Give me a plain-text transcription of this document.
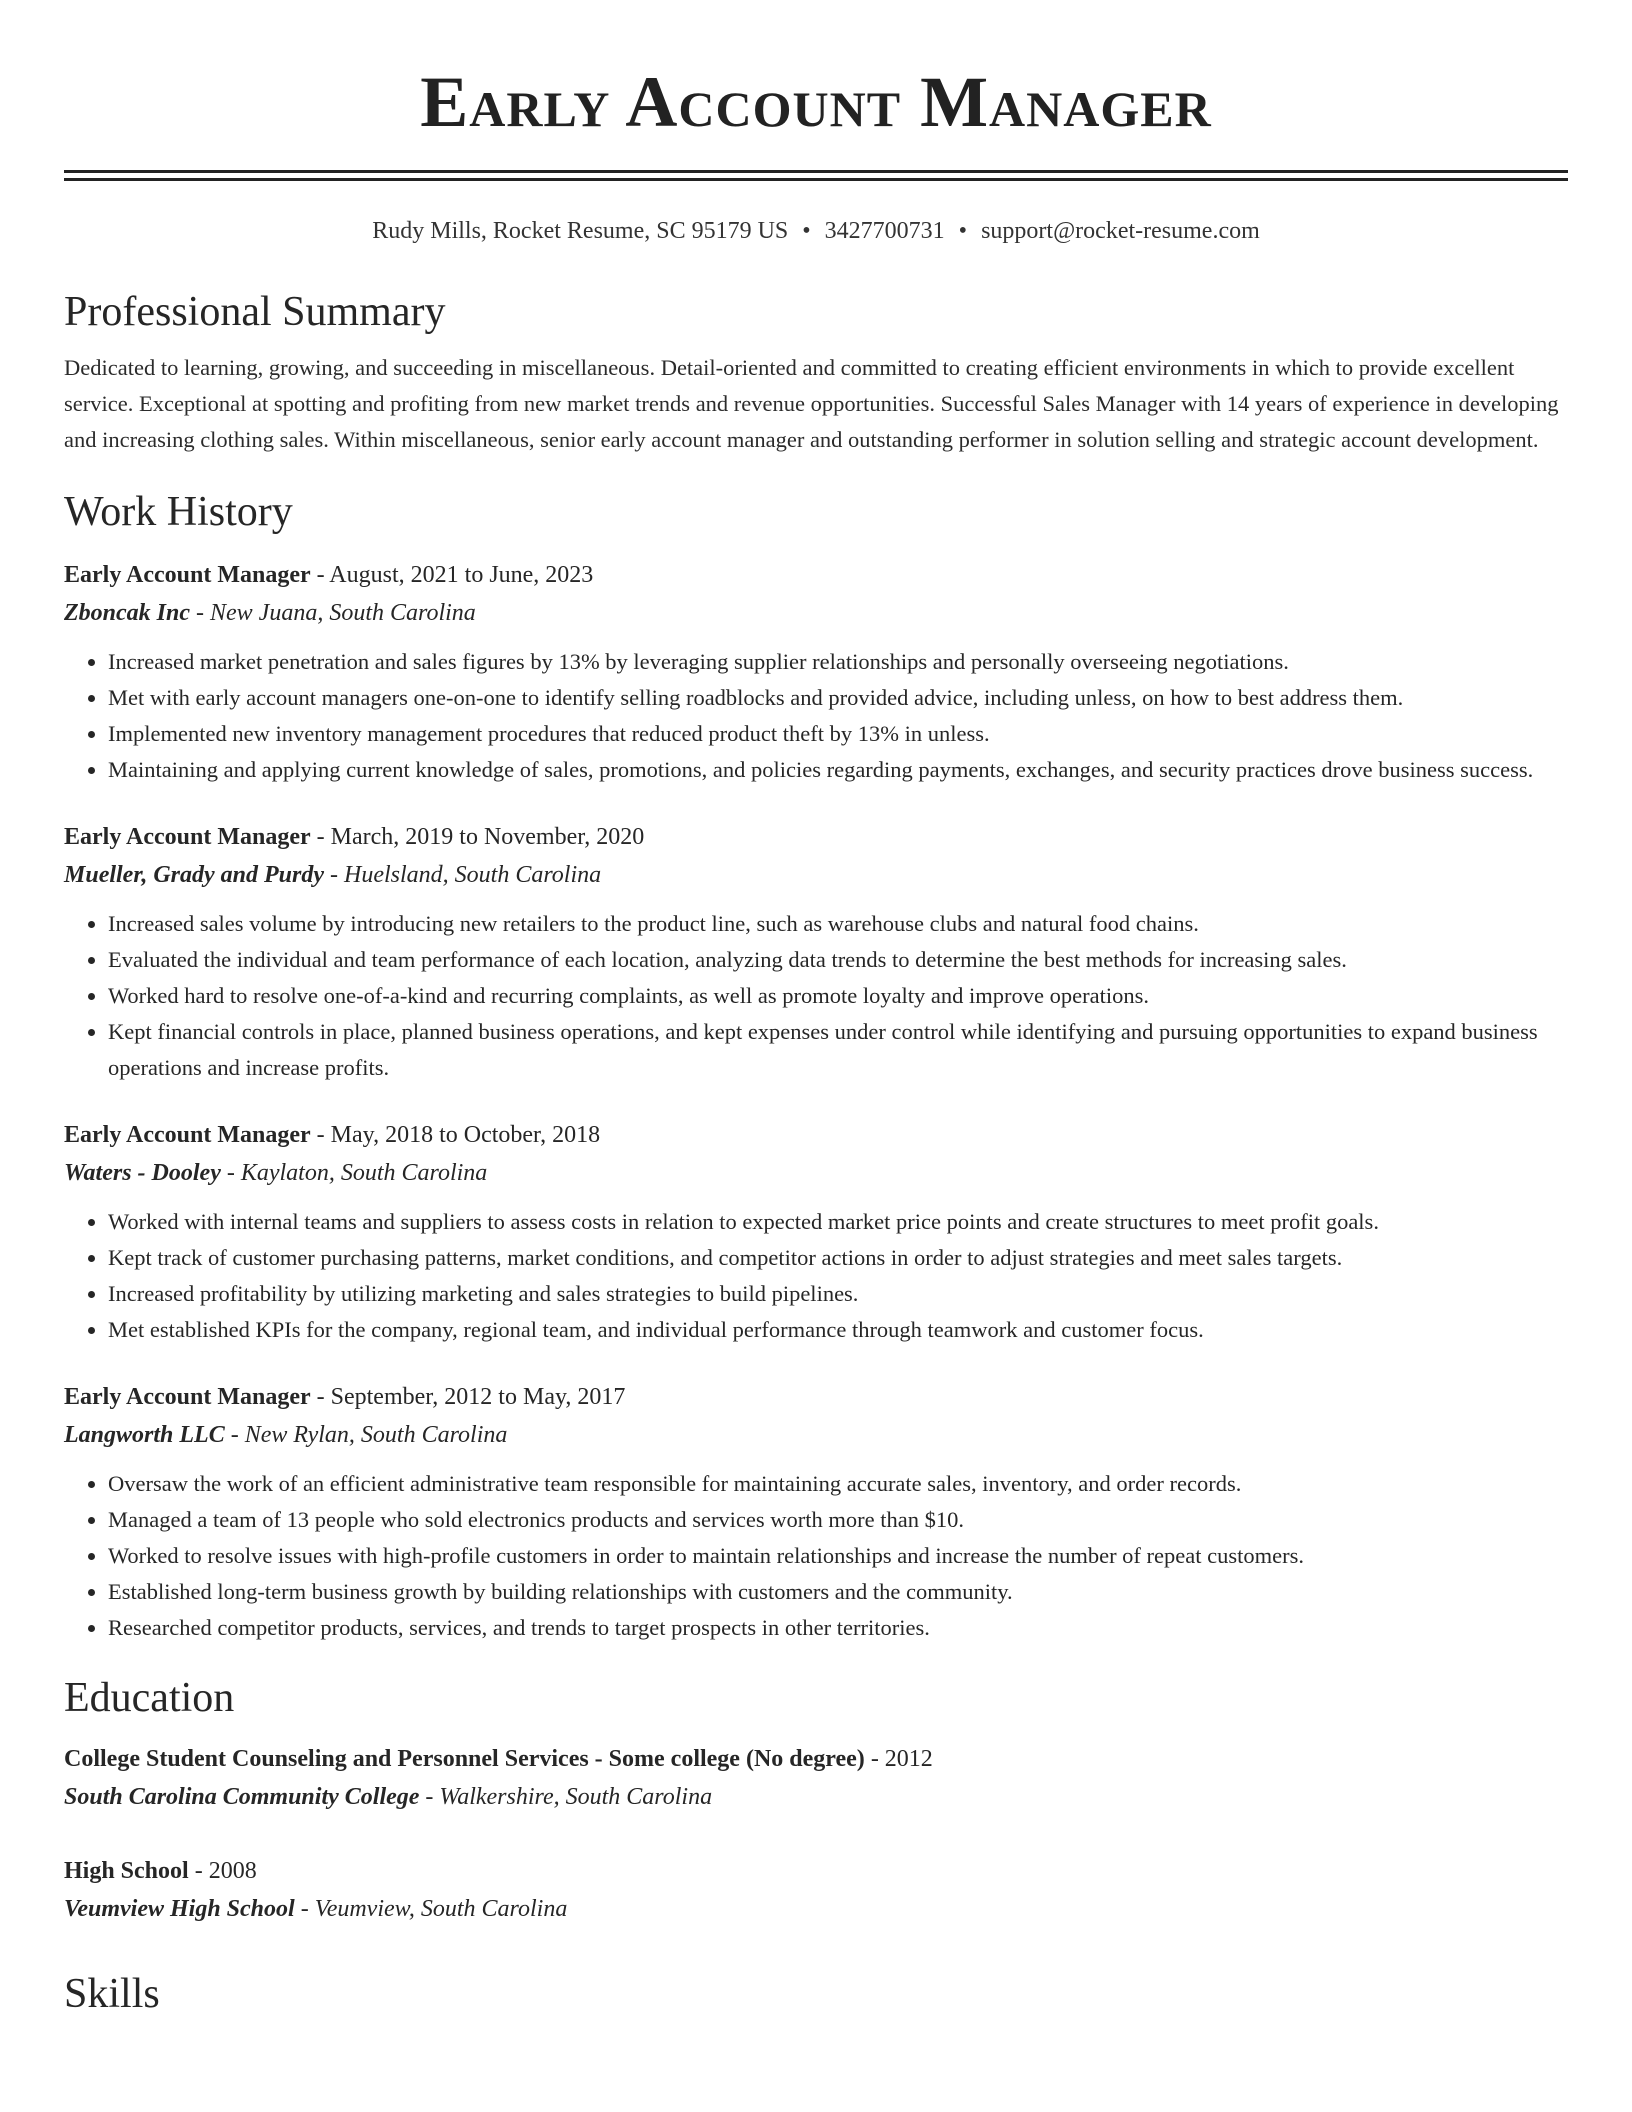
Early Account Manager
Rudy Mills, Rocket Resume, SC 95179 US • 3427700731 • support@rocket-resume.com
Professional Summary
Dedicated to learning, growing, and succeeding in miscellaneous. Detail-oriented and committed to creating efficient environments in which to provide excellent service. Exceptional at spotting and profiting from new market trends and revenue opportunities. Successful Sales Manager with 14 years of experience in developing and increasing clothing sales. Within miscellaneous, senior early account manager and outstanding performer in solution selling and strategic account development.
Work History
Early Account Manager - August, 2021 to June, 2023
Zboncak Inc - New Juana, South Carolina
• Increased market penetration and sales figures by 13% by leveraging supplier relationships and personally overseeing negotiations.
• Met with early account managers one-on-one to identify selling roadblocks and provided advice, including unless, on how to best address them.
• Implemented new inventory management procedures that reduced product theft by 13% in unless.
• Maintaining and applying current knowledge of sales, promotions, and policies regarding payments, exchanges, and security practices drove business success.
Early Account Manager - March, 2019 to November, 2020
Mueller, Grady and Purdy - Huelsland, South Carolina
• Increased sales volume by introducing new retailers to the product line, such as warehouse clubs and natural food chains.
• Evaluated the individual and team performance of each location, analyzing data trends to determine the best methods for increasing sales.
• Worked hard to resolve one-of-a-kind and recurring complaints, as well as promote loyalty and improve operations.
• Kept financial controls in place, planned business operations, and kept expenses under control while identifying and pursuing opportunities to expand business operations and increase profits.
Early Account Manager - May, 2018 to October, 2018
Waters - Dooley - Kaylaton, South Carolina
• Worked with internal teams and suppliers to assess costs in relation to expected market price points and create structures to meet profit goals.
• Kept track of customer purchasing patterns, market conditions, and competitor actions in order to adjust strategies and meet sales targets.
• Increased profitability by utilizing marketing and sales strategies to build pipelines.
• Met established KPIs for the company, regional team, and individual performance through teamwork and customer focus.
Early Account Manager - September, 2012 to May, 2017
Langworth LLC - New Rylan, South Carolina
• Oversaw the work of an efficient administrative team responsible for maintaining accurate sales, inventory, and order records.
• Managed a team of 13 people who sold electronics products and services worth more than $10.
• Worked to resolve issues with high-profile customers in order to maintain relationships and increase the number of repeat customers.
• Established long-term business growth by building relationships with customers and the community.
• Researched competitor products, services, and trends to target prospects in other territories.
Education
College Student Counseling and Personnel Services - Some college (No degree) - 2012
South Carolina Community College - Walkershire, South Carolina
High School - 2008
Veumview High School - Veumview, South Carolina
Skills
